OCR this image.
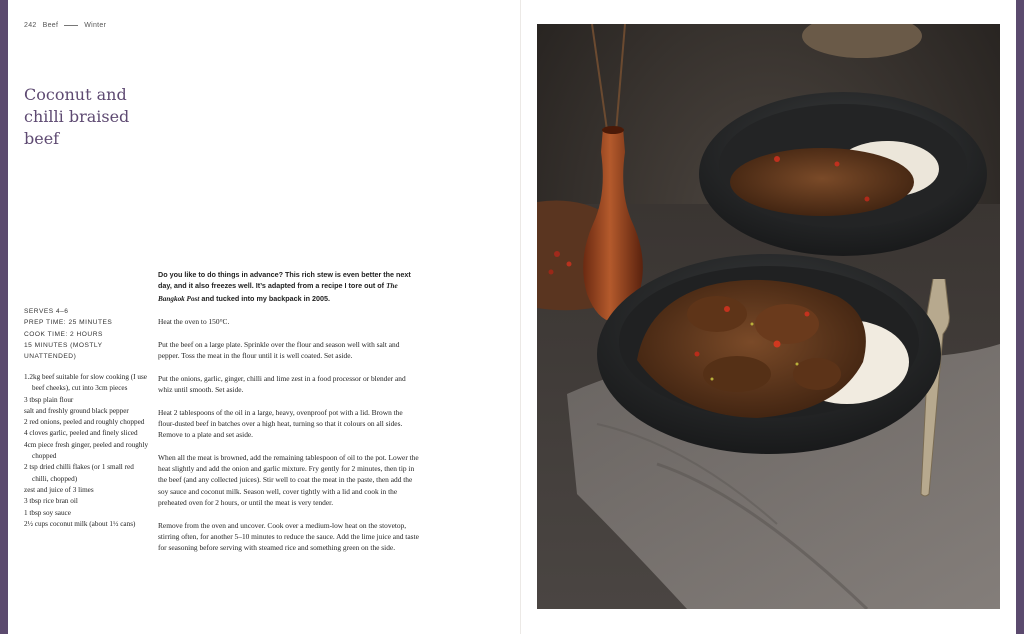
242 Beef	Winter
Coconut and
chilli braised
beef
SERVES 4–6
PREP TIME: 25 MINUTES
COOK TIME: 2 HOURS
15 MINUTES (MOSTLY
UNATTENDED)
1.2kg beef suitable for slow cooking (I use beef cheeks), cut into 3cm pieces
3 tbsp plain flour
salt and freshly ground black pepper
2 red onions, peeled and roughly chopped
4 cloves garlic, peeled and finely sliced
4cm piece fresh ginger, peeled and roughly chopped
2 tsp dried chilli flakes (or 1 small red chilli, chopped)
zest and juice of 3 limes
3 tbsp rice bran oil
1 tbsp soy sauce
2½ cups coconut milk (about 1½ cans)

Do you like to do things in advance? This rich stew is even better the next day, and it also freezes well. It’s adapted from a recipe I tore out of The Bangkok Post and tucked into my backpack in 2005.

Heat the oven to 150°C.

Put the beef on a large plate. Sprinkle over the flour and season well with salt and pepper. Toss the meat in the flour until it is well coated. Set aside.

Put the onions, garlic, ginger, chilli and lime zest in a food processor or blender and whiz until smooth. Set aside.

Heat 2 tablespoons of the oil in a large, heavy, ovenproof pot with a lid. Brown the flour-dusted beef in batches over a high heat, turning so that it colours on all sides. Remove to a plate and set aside.

When all the meat is browned, add the remaining tablespoon of oil to the pot. Lower the heat slightly and add the onion and garlic mixture. Fry gently for 2 minutes, then tip in the beef (and any collected juices). Stir well to coat the meat in the paste, then add the soy sauce and coconut milk. Season well, cover tightly with a lid and cook in the preheated oven for 2 hours, or until the meat is very tender.

Remove from the oven and uncover. Cook over a medium-low heat on the stovetop, stirring often, for another 5–10 minutes to reduce the sauce. Add the lime juice and taste for seasoning before serving with steamed rice and something green on the side.
